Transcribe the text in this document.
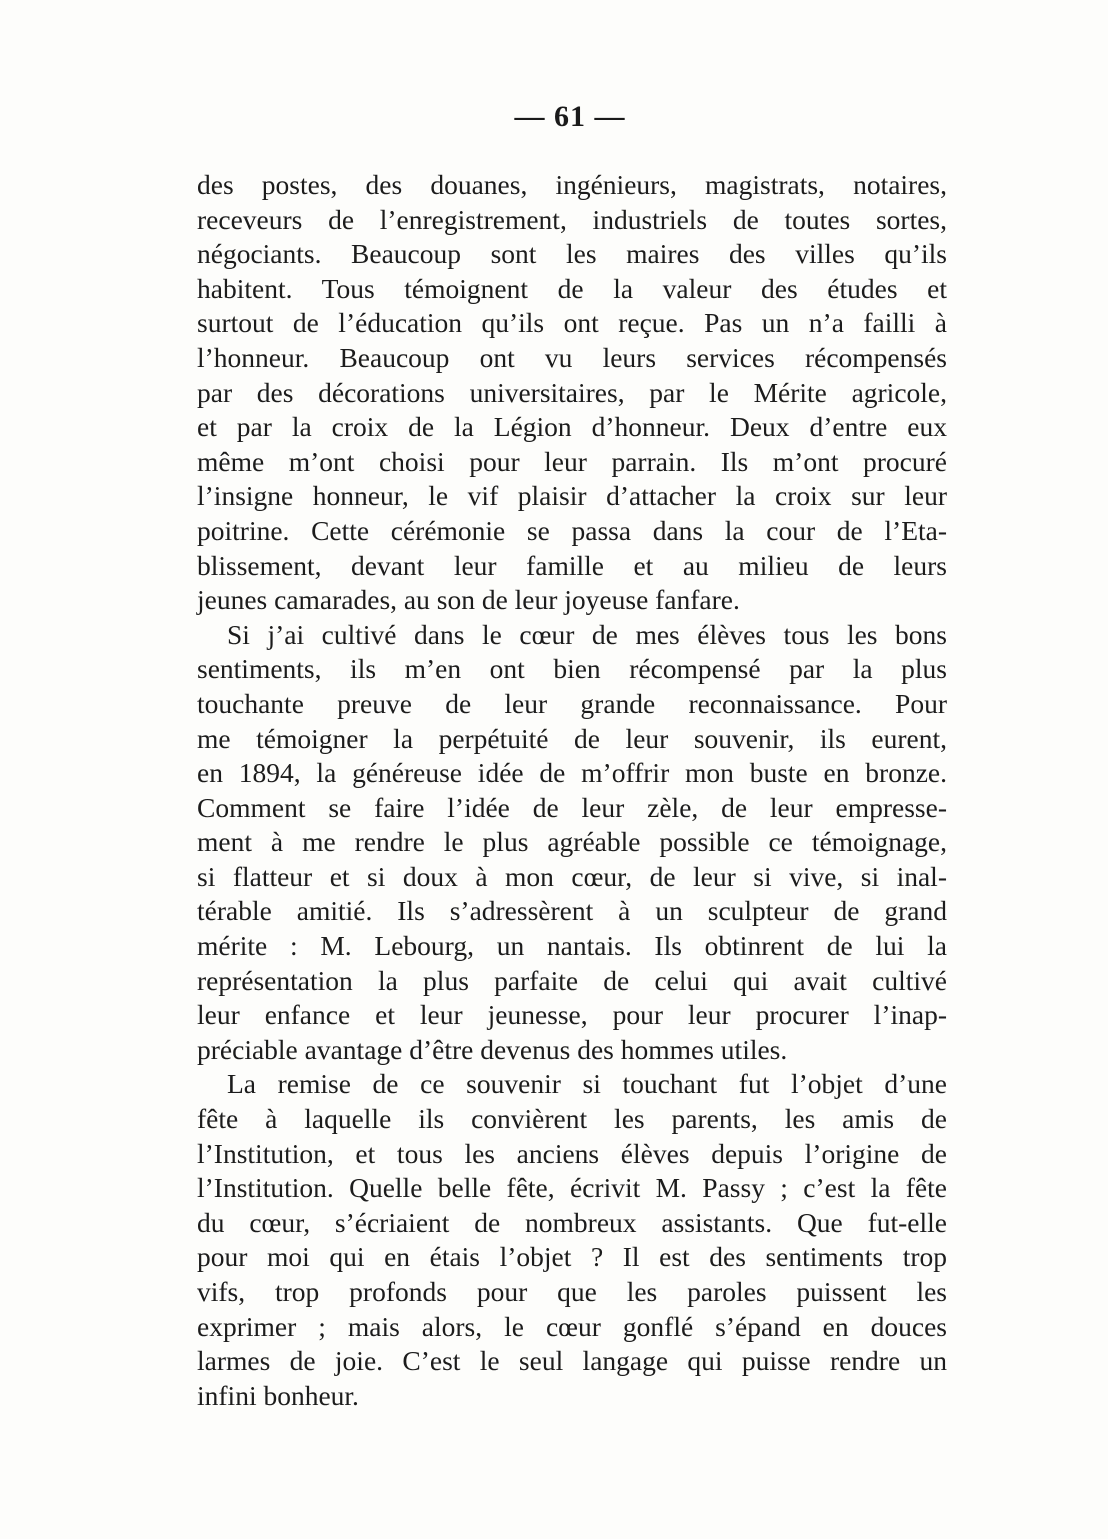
— 61 —
des postes, des douanes, ingénieurs, magistrats, notaires,
receveurs de l’enregistrement, industriels de toutes sortes,
négociants. Beaucoup sont les maires des villes qu’ils
habitent. Tous témoignent de la valeur des études et
surtout de l’éducation qu’ils ont reçue. Pas un n’a failli à
l’honneur. Beaucoup ont vu leurs services récompensés
par des décorations universitaires, par le Mérite agricole,
et par la croix de la Légion d’honneur. Deux d’entre eux
même m’ont choisi pour leur parrain. Ils m’ont procuré
l’insigne honneur, le vif plaisir d’attacher la croix sur leur
poitrine. Cette cérémonie se passa dans la cour de l’Eta-
blissement, devant leur famille et au milieu de leurs
jeunes camarades, au son de leur joyeuse fanfare.
Si j’ai cultivé dans le cœur de mes élèves tous les bons
sentiments, ils m’en ont bien récompensé par la plus
touchante preuve de leur grande reconnaissance. Pour
me témoigner la perpétuité de leur souvenir, ils eurent,
en 1894, la généreuse idée de m’offrir mon buste en bronze.
Comment se faire l’idée de leur zèle, de leur empresse-
ment à me rendre le plus agréable possible ce témoignage,
si flatteur et si doux à mon cœur, de leur si vive, si inal-
térable amitié. Ils s’adressèrent à un sculpteur de grand
mérite : M. Lebourg, un nantais. Ils obtinrent de lui la
représentation la plus parfaite de celui qui avait cultivé
leur enfance et leur jeunesse, pour leur procurer l’inap-
préciable avantage d’être devenus des hommes utiles.
La remise de ce souvenir si touchant fut l’objet d’une
fête à laquelle ils convièrent les parents, les amis de
l’Institution, et tous les anciens élèves depuis l’origine de
l’Institution. Quelle belle fête, écrivit M. Passy ; c’est la fête
du cœur, s’écriaient de nombreux assistants. Que fut-elle
pour moi qui en étais l’objet ? Il est des sentiments trop
vifs, trop profonds pour que les paroles puissent les
exprimer ; mais alors, le cœur gonflé s’épand en douces
larmes de joie. C’est le seul langage qui puisse rendre un
infini bonheur.
